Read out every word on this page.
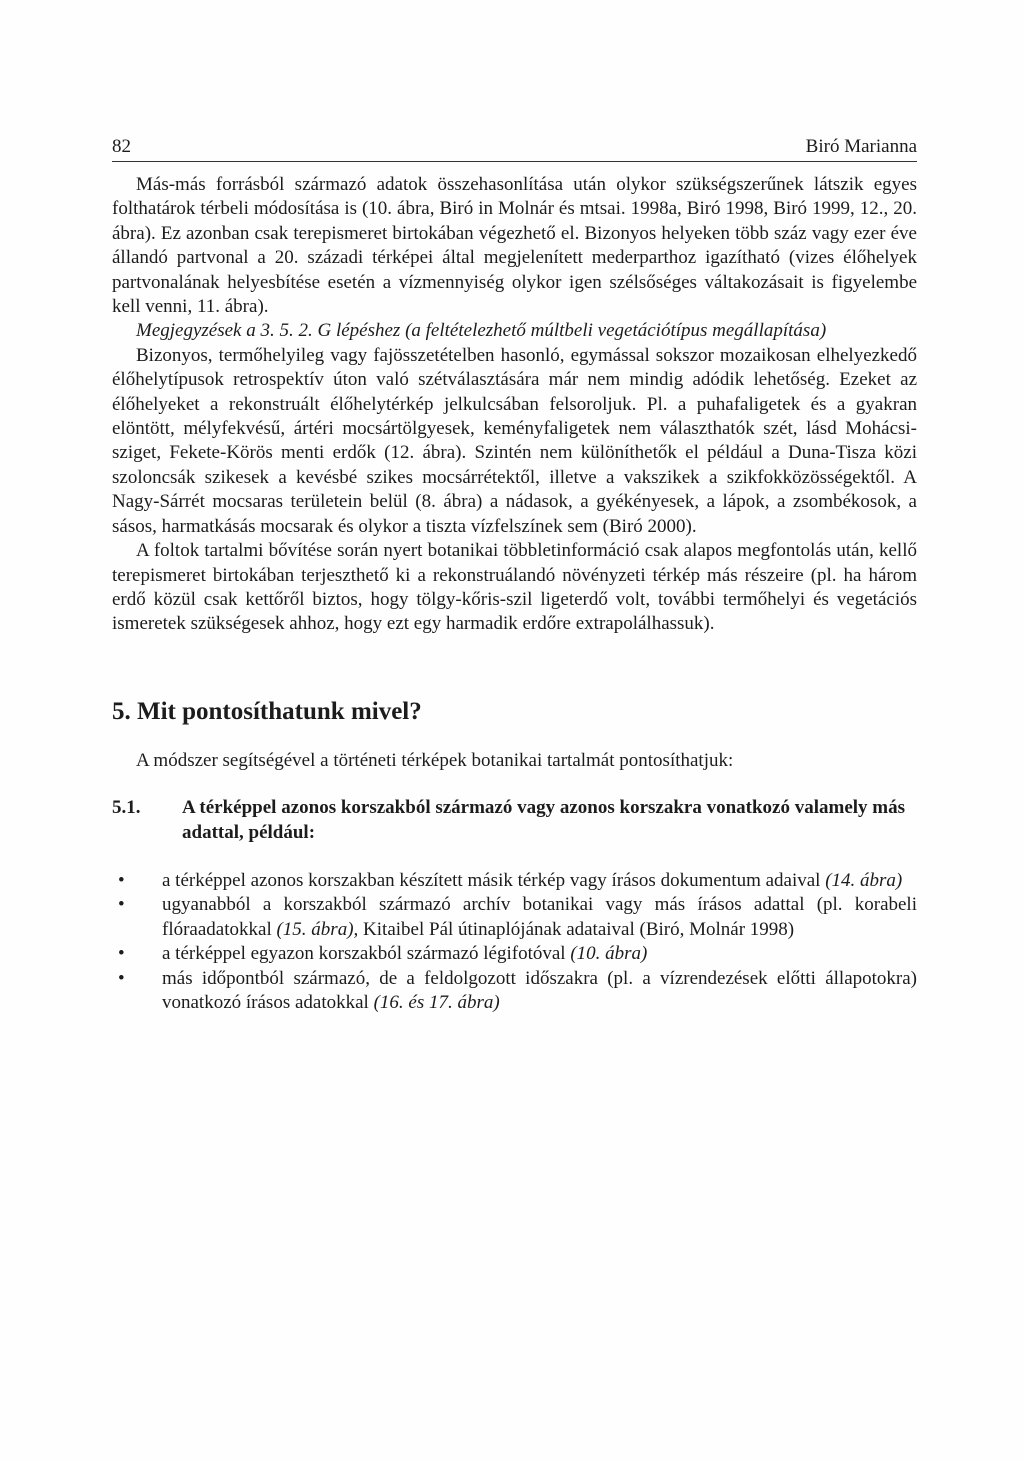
82	Biró Marianna

Más-más forrásból származó adatok összehasonlítása után olykor szükségszerűnek látszik egyes folthatárok térbeli módosítása is (10. ábra, Biró in Molnár és mtsai. 1998a, Biró 1998, Biró 1999, 12., 20. ábra). Ez azonban csak terepismeret birtokában végezhető el. Bizonyos helyeken több száz vagy ezer éve állandó partvonal a 20. századi térképei által megjelenített mederparthoz igazítható (vizes élőhelyek partvonalának helyesbítése esetén a vízmennyiség olykor igen szélsőséges váltakozásait is figyelembe kell venni, 11. ábra).

Megjegyzések a 3. 5. 2. G lépéshez (a feltételezhető múltbeli vegetációtípus megállapítása)

Bizonyos, termőhelyileg vagy fajösszetételben hasonló, egymással sokszor mozaikosan elhelyezkedő élőhelytípusok retrospektív úton való szétválasztására már nem mindig adódik lehetőség. Ezeket az élőhelyeket a rekonstruált élőhelytérkép jelkulcsában felsoroljuk. Pl. a puhafaligetek és a gyakran elöntött, mélyfekvésű, ártéri mocsártölgyesek, keményfaligetek nem választhatók szét, lásd Mohácsi-sziget, Fekete-Körös menti erdők (12. ábra). Szintén nem különíthetők el például a Duna-Tisza közi szoloncsák szikesek a kevésbé szikes mocsárrétektől, illetve a vakszikek a szikfokközösségektől. A Nagy-Sárrét mocsaras területein belül (8. ábra) a nádasok, a gyékényesek, a lápok, a zsombékosok, a sásos, harmatkásás mocsarak és olykor a tiszta vízfelszínek sem (Biró 2000).

A foltok tartalmi bővítése során nyert botanikai többletinformáció csak alapos megfontolás után, kellő terepismeret birtokában terjeszthető ki a rekonstruálandó növényzeti térkép más részeire (pl. ha három erdő közül csak kettőről biztos, hogy tölgy-kőris-szil ligeterdő volt, további termőhelyi és vegetációs ismeretek szükségesek ahhoz, hogy ezt egy harmadik erdőre extrapolálhassuk).

5. Mit pontosíthatunk mivel?

A módszer segítségével a történeti térképek botanikai tartalmát pontosíthatjuk:

5.1.	A térképpel azonos korszakból származó vagy azonos korszakra vonatkozó valamely más adattal, például:
•	a térképpel azonos korszakban készített másik térkép vagy írásos dokumentum adaival (14. ábra)
•	ugyanabból a korszakból származó archív botanikai vagy más írásos adattal (pl. korabeli flóraadatokkal (15. ábra), Kitaibel Pál útinaplójának adataival (Biró, Molnár 1998)
•	a térképpel egyazon korszakból származó légifotóval (10. ábra)
•	más időpontból származó, de a feldolgozott időszakra (pl. a vízrendezések előtti állapotokra) vonatkozó írásos adatokkal (16. és 17. ábra)
